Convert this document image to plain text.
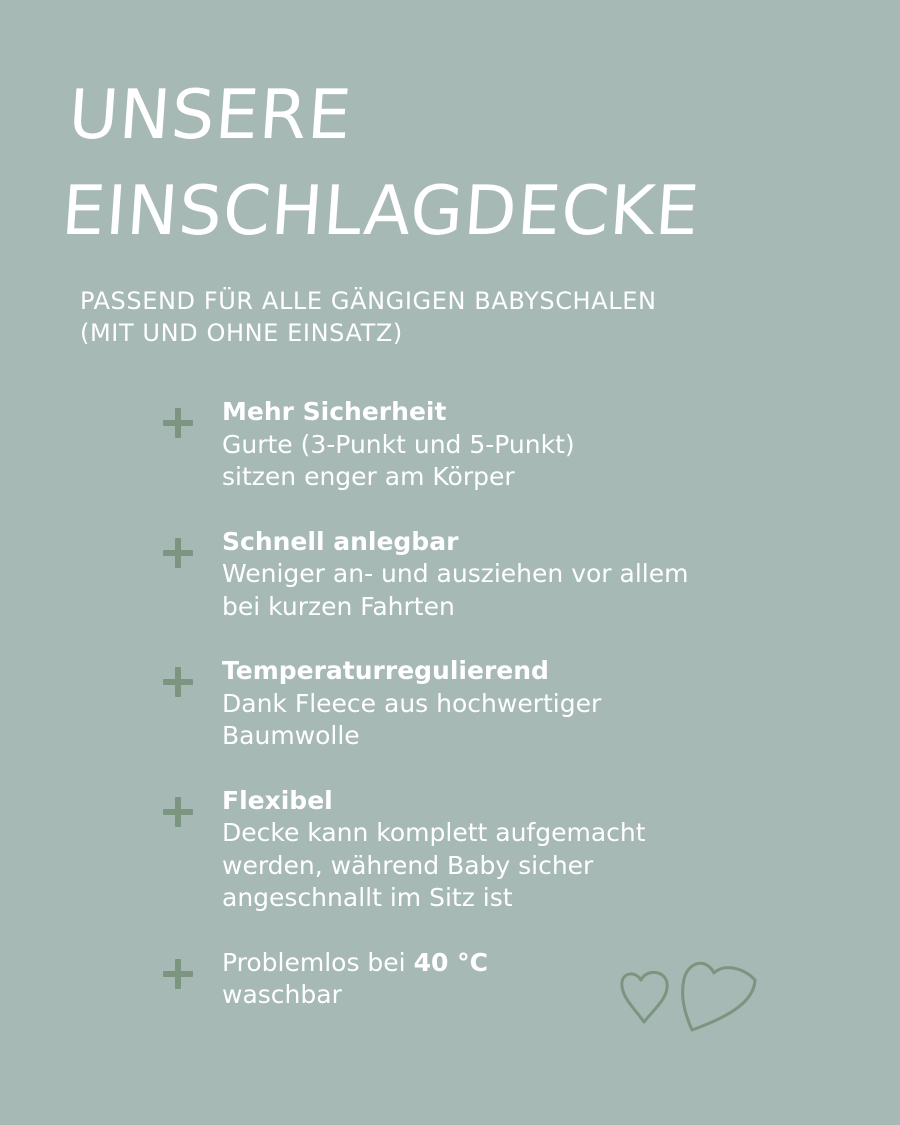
UNSERE
EINSCHLAGDECKE
PASSEND FÜR ALLE GÄNGIGEN BABYSCHALEN
(MIT UND OHNE EINSATZ)
Mehr Sicherheit
Gurte (3-Punkt und 5-Punkt)
sitzen enger am Körper
Schnell anlegbar
Weniger an- und ausziehen vor allem
bei kurzen Fahrten
Temperaturregulierend
Dank Fleece aus hochwertiger
Baumwolle
Flexibel
Decke kann komplett aufgemacht
werden, während Baby sicher
angeschnallt im Sitz ist
Problemlos bei 40 °C
waschbar
